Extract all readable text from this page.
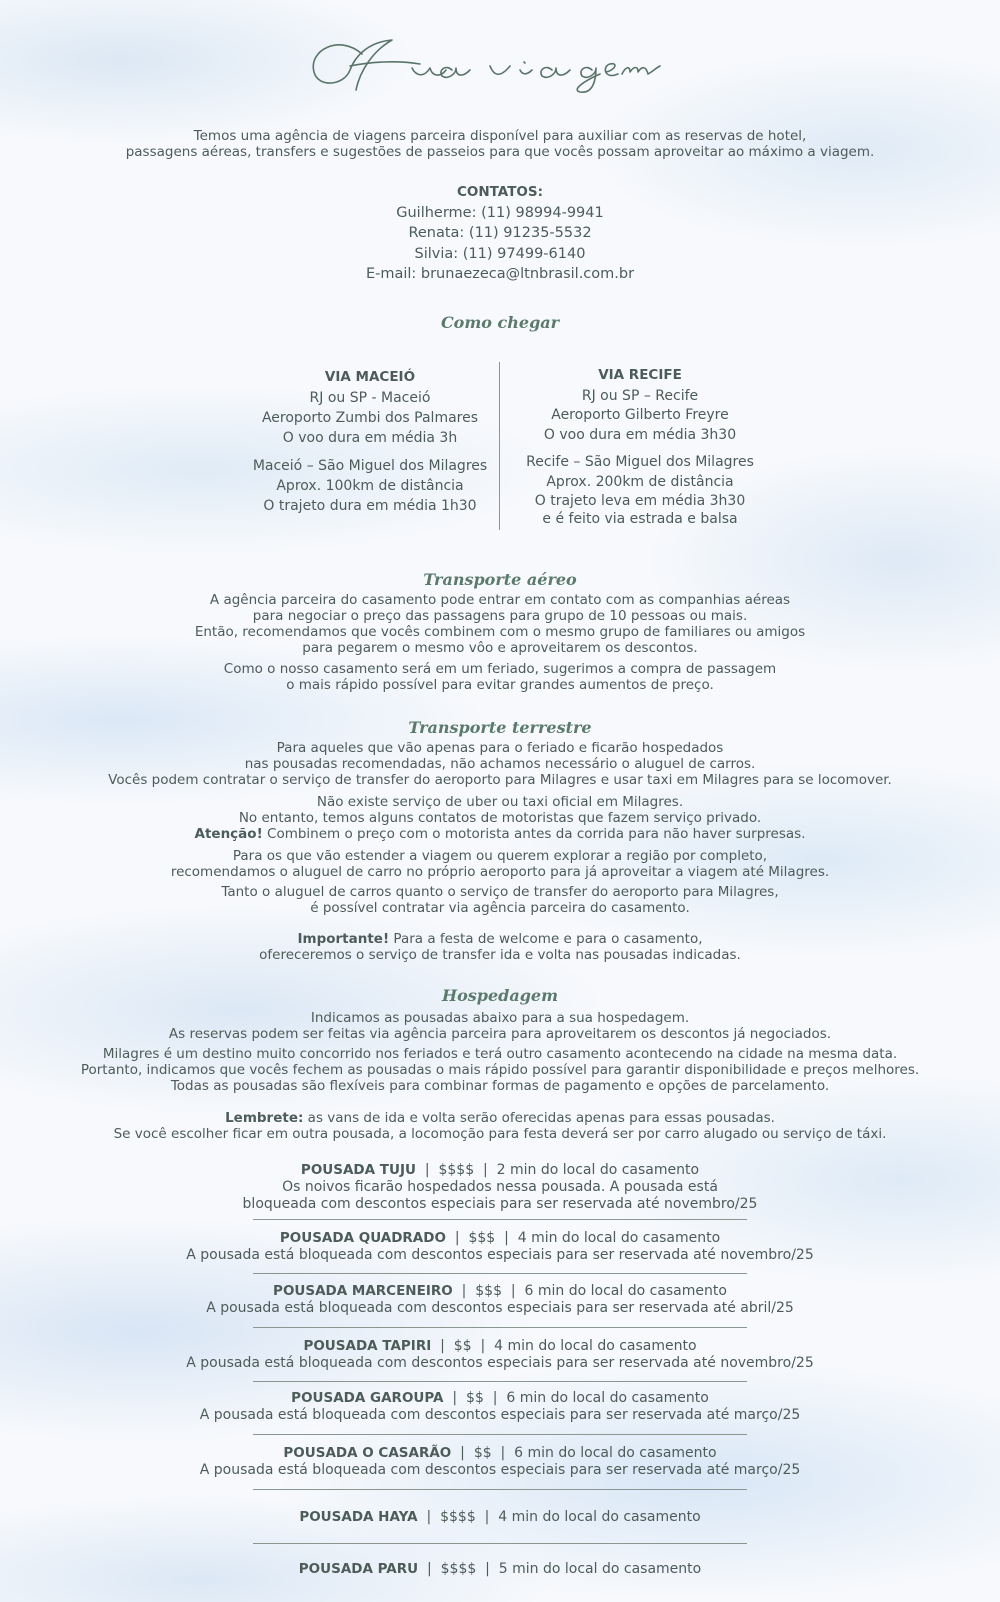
Temos uma agência de viagens parceira disponível para auxiliar com as reservas de hotel,
passagens aéreas, transfers e sugestões de passeios para que vocês possam aproveitar ao máximo a viagem.
CONTATOS:
Guilherme: (11) 98994-9941
Renata: (11) 91235-5532
Silvia: (11) 97499-6140
E-mail: brunaezeca@ltnbrasil.com.br
Como chegar
VIA MACEIÓ
RJ ou SP - Maceió
Aeroporto Zumbi dos Palmares
O voo dura em média 3h
Maceió – São Miguel dos Milagres
Aprox. 100km de distância
O trajeto dura em média 1h30
VIA RECIFE
RJ ou SP – Recife
Aeroporto Gilberto Freyre
O voo dura em média 3h30
Recife – São Miguel dos Milagres
Aprox. 200km de distância
O trajeto leva em média 3h30
e é feito via estrada e balsa
Transporte aéreo
A agência parceira do casamento pode entrar em contato com as companhias aéreas
para negociar o preço das passagens para grupo de 10 pessoas ou mais.
Então, recomendamos que vocês combinem com o mesmo grupo de familiares ou amigos
para pegarem o mesmo vôo e aproveitarem os descontos.
Como o nosso casamento será em um feriado, sugerimos a compra de passagem
o mais rápido possível para evitar grandes aumentos de preço.
Transporte terrestre
Para aqueles que vão apenas para o feriado e ficarão hospedados
nas pousadas recomendadas, não achamos necessário o aluguel de carros.
Vocês podem contratar o serviço de transfer do aeroporto para Milagres e usar taxi em Milagres para se locomover.
Não existe serviço de uber ou taxi oficial em Milagres.
No entanto, temos alguns contatos de motoristas que fazem serviço privado.
Atenção! Combinem o preço com o motorista antes da corrida para não haver surpresas.
Para os que vão estender a viagem ou querem explorar a região por completo,
recomendamos o aluguel de carro no próprio aeroporto para já aproveitar a viagem até Milagres.
Tanto o aluguel de carros quanto o serviço de transfer do aeroporto para Milagres,
é possível contratar via agência parceira do casamento.
Importante! Para a festa de welcome e para o casamento,
ofereceremos o serviço de transfer ida e volta nas pousadas indicadas.
Hospedagem
Indicamos as pousadas abaixo para a sua hospedagem.
As reservas podem ser feitas via agência parceira para aproveitarem os descontos já negociados.
Milagres é um destino muito concorrido nos feriados e terá outro casamento acontecendo na cidade na mesma data.
Portanto, indicamos que vocês fechem as pousadas o mais rápido possível para garantir disponibilidade e preços melhores.
Todas as pousadas são flexíveis para combinar formas de pagamento e opções de parcelamento.
Lembrete: as vans de ida e volta serão oferecidas apenas para essas pousadas.
Se você escolher ficar em outra pousada, a locomoção para festa deverá ser por carro alugado ou serviço de táxi.
POUSADA TUJU  |  $$$$  |  2 min do local do casamento
Os noivos ficarão hospedados nessa pousada. A pousada está
bloqueada com descontos especiais para ser reservada até novembro/25
POUSADA QUADRADO  |  $$$  |  4 min do local do casamento
A pousada está bloqueada com descontos especiais para ser reservada até novembro/25
POUSADA MARCENEIRO  |  $$$  |  6 min do local do casamento
A pousada está bloqueada com descontos especiais para ser reservada até abril/25
POUSADA TAPIRI  |  $$  |  4 min do local do casamento
A pousada está bloqueada com descontos especiais para ser reservada até novembro/25
POUSADA GAROUPA  |  $$  |  6 min do local do casamento
A pousada está bloqueada com descontos especiais para ser reservada até março/25
POUSADA O CASARÃO  |  $$  |  6 min do local do casamento
A pousada está bloqueada com descontos especiais para ser reservada até março/25
POUSADA HAYA  |  $$$$  |  4 min do local do casamento
POUSADA PARU  |  $$$$  |  5 min do local do casamento
